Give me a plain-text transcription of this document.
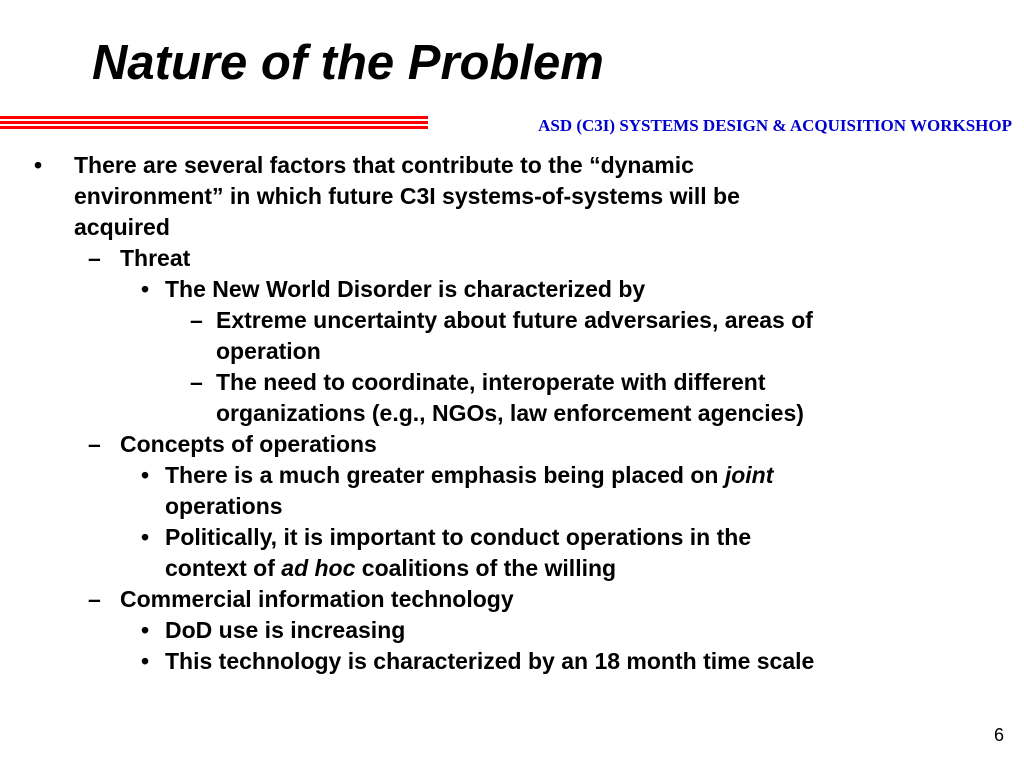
Nature of the Problem
ASD (C3I) SYSTEMS DESIGN & ACQUISITION WORKSHOP
• There are several factors that contribute to the “dynamic
environment” in which future C3I systems-of-systems will be
acquired
– Threat
• The New World Disorder is characterized by
– Extreme uncertainty about future adversaries, areas of
operation
– The need to coordinate, interoperate with different
organizations (e.g., NGOs, law enforcement agencies)
– Concepts of operations
• There is a much greater emphasis being placed on joint
operations
• Politically, it is important to conduct operations in the
context of ad hoc coalitions of the willing
– Commercial information technology
• DoD use is increasing
• This technology is characterized by an 18 month time scale
6
